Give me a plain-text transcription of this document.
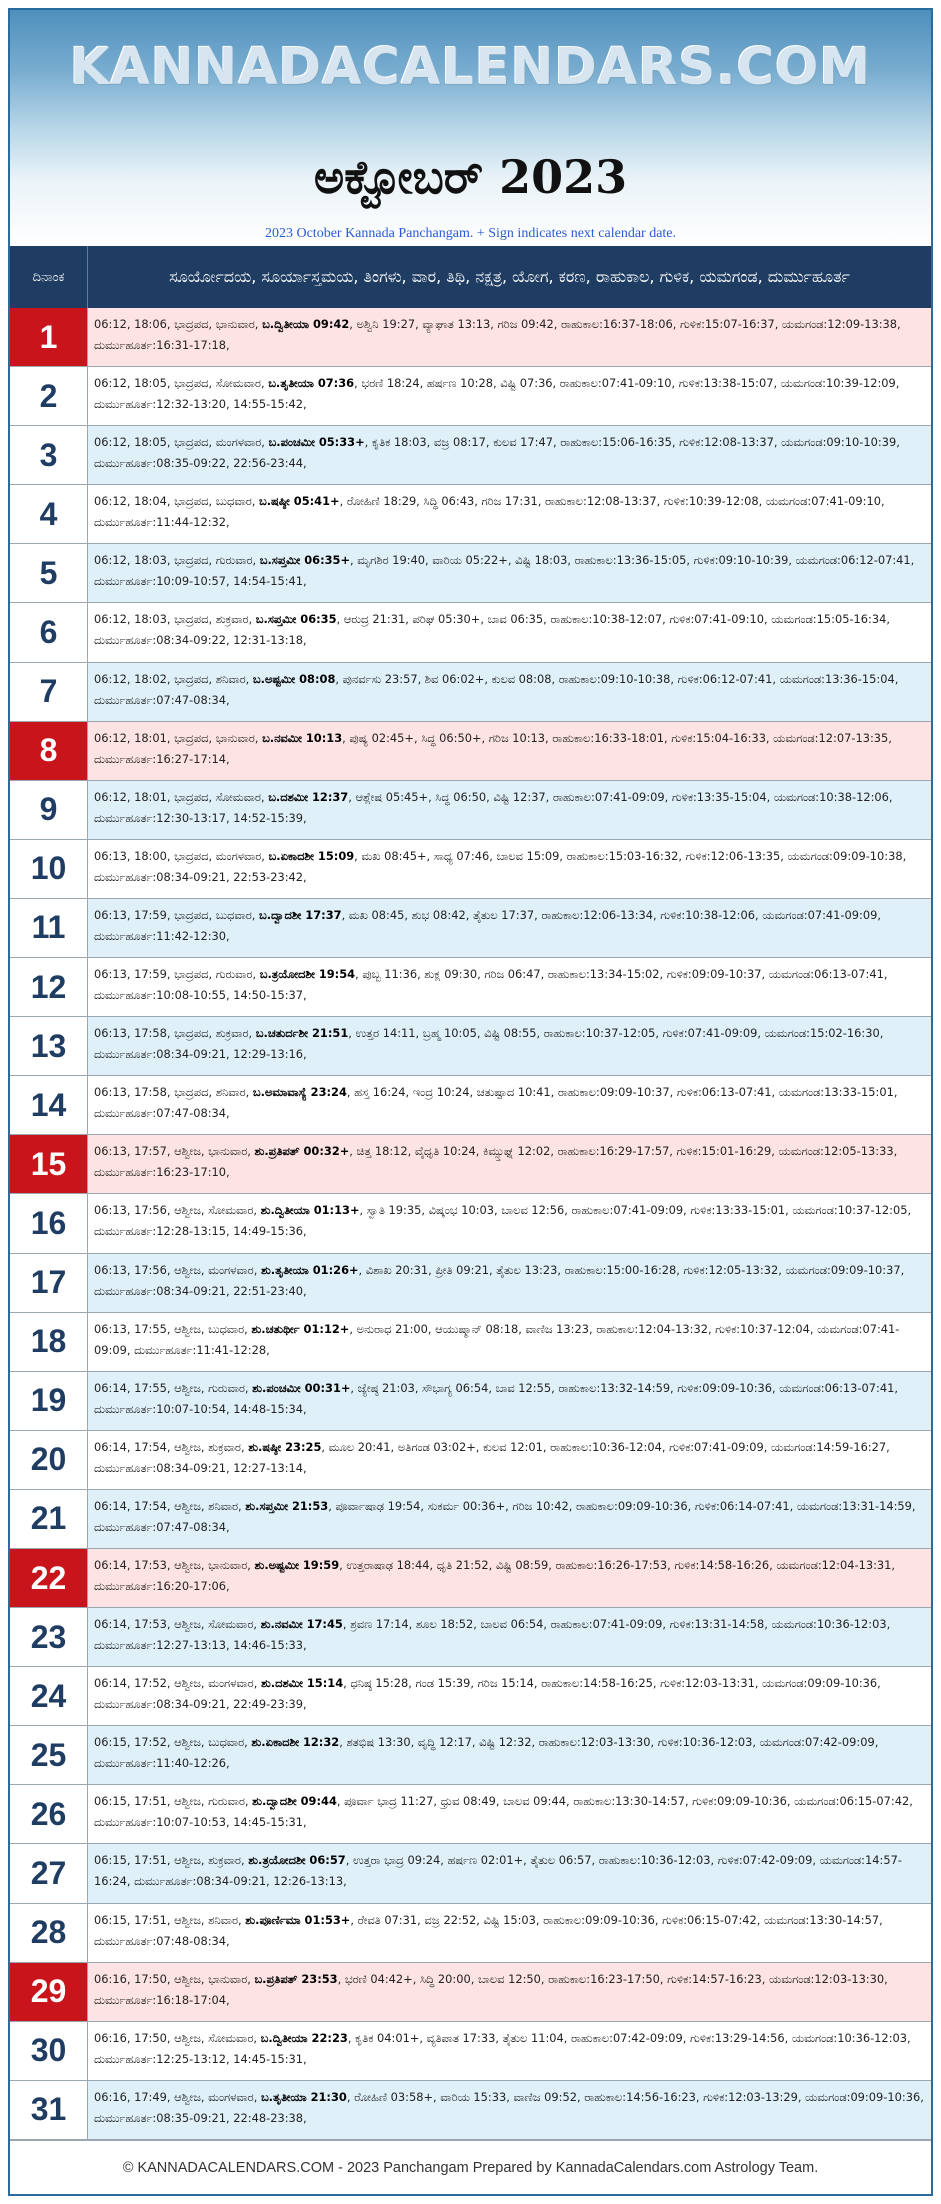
KANNADACALENDARS.COM
ಅಕ್ಟೋಬರ್ 2023
2023 October Kannada Panchangam. + Sign indicates next calendar date.
ದಿನಾಂಕ	ಸೂರ್ಯೋದಯ, ಸೂರ್ಯಾಸ್ತಮಯ, ತಿಂಗಳು, ವಾರ, ತಿಥಿ, ನಕ್ಷತ್ರ, ಯೋಗ, ಕರಣ, ರಾಹುಕಾಲ, ಗುಳಿಕ, ಯಮಗಂಡ, ದುರ್ಮುಹೂರ್ತ
1	06:12, 18:06, ಭಾದ್ರಪದ, ಭಾನುವಾರ, ಬ.ದ್ವಿತೀಯಾ 09:42, ಅಶ್ವಿನಿ 19:27, ವ್ಯಾಘಾತ 13:13, ಗರಿಜ 09:42, ರಾಹುಕಾಲ:16:37-18:06, ಗುಳಿಕ:15:07-16:37, ಯಮಗಂಡ:12:09-13:38, ದುರ್ಮುಹೂರ್ತ:16:31-17:18,
2	06:12, 18:05, ಭಾದ್ರಪದ, ಸೋಮವಾರ, ಬ.ತೃತೀಯಾ 07:36, ಭರಣಿ 18:24, ಹರ್ಷಣ 10:28, ವಿಷ್ಟಿ 07:36, ರಾಹುಕಾಲ:07:41-09:10, ಗುಳಿಕ:13:38-15:07, ಯಮಗಂಡ:10:39-12:09, ದುರ್ಮುಹೂರ್ತ:12:32-13:20, 14:55-15:42,
3	06:12, 18:05, ಭಾದ್ರಪದ, ಮಂಗಳವಾರ, ಬ.ಪಂಚಮೀ 05:33+, ಕೃತಿಕ 18:03, ವಜ್ರ 08:17, ಕುಲವ 17:47, ರಾಹುಕಾಲ:15:06-16:35, ಗುಳಿಕ:12:08-13:37, ಯಮಗಂಡ:09:10-10:39, ದುರ್ಮುಹೂರ್ತ:08:35-09:22, 22:56-23:44,
4	06:12, 18:04, ಭಾದ್ರಪದ, ಬುಧವಾರ, ಬ.ಷಷ್ಠೀ 05:41+, ರೋಹಿಣಿ 18:29, ಸಿದ್ಧಿ 06:43, ಗರಿಜ 17:31, ರಾಹುಕಾಲ:12:08-13:37, ಗುಳಿಕ:10:39-12:08, ಯಮಗಂಡ:07:41-09:10, ದುರ್ಮುಹೂರ್ತ:11:44-12:32,
5	06:12, 18:03, ಭಾದ್ರಪದ, ಗುರುವಾರ, ಬ.ಸಪ್ತಮೀ 06:35+, ಮೃಗಶಿರ 19:40, ವಾರಿಯ 05:22+, ವಿಷ್ಟಿ 18:03, ರಾಹುಕಾಲ:13:36-15:05, ಗುಳಿಕ:09:10-10:39, ಯಮಗಂಡ:06:12-07:41, ದುರ್ಮುಹೂರ್ತ:10:09-10:57, 14:54-15:41,
6	06:12, 18:03, ಭಾದ್ರಪದ, ಶುಕ್ರವಾರ, ಬ.ಸಪ್ತಮೀ 06:35, ಆರುದ್ರ 21:31, ಪರಿಘ 05:30+, ಬಾವ 06:35, ರಾಹುಕಾಲ:10:38-12:07, ಗುಳಿಕ:07:41-09:10, ಯಮಗಂಡ:15:05-16:34, ದುರ್ಮುಹೂರ್ತ:08:34-09:22, 12:31-13:18,
7	06:12, 18:02, ಭಾದ್ರಪದ, ಶನಿವಾರ, ಬ.ಅಷ್ಟಮೀ 08:08, ಪುನರ್ವಸು 23:57, ಶಿವ 06:02+, ಕುಲವ 08:08, ರಾಹುಕಾಲ:09:10-10:38, ಗುಳಿಕ:06:12-07:41, ಯಮಗಂಡ:13:36-15:04, ದುರ್ಮುಹೂರ್ತ:07:47-08:34,
8	06:12, 18:01, ಭಾದ್ರಪದ, ಭಾನುವಾರ, ಬ.ನವಮೀ 10:13, ಪುಷ್ಯ 02:45+, ಸಿದ್ಧ 06:50+, ಗರಿಜ 10:13, ರಾಹುಕಾಲ:16:33-18:01, ಗುಳಿಕ:15:04-16:33, ಯಮಗಂಡ:12:07-13:35, ದುರ್ಮುಹೂರ್ತ:16:27-17:14,
9	06:12, 18:01, ಭಾದ್ರಪದ, ಸೋಮವಾರ, ಬ.ದಶಮೀ 12:37, ಆಶ್ಲೇಷ 05:45+, ಸಿದ್ಧ 06:50, ವಿಷ್ಟಿ 12:37, ರಾಹುಕಾಲ:07:41-09:09, ಗುಳಿಕ:13:35-15:04, ಯಮಗಂಡ:10:38-12:06, ದುರ್ಮುಹೂರ್ತ:12:30-13:17, 14:52-15:39,
10	06:13, 18:00, ಭಾದ್ರಪದ, ಮಂಗಳವಾರ, ಬ.ಏಕಾದಶೀ 15:09, ಮಖ 08:45+, ಸಾಧ್ಯ 07:46, ಬಾಲವ 15:09, ರಾಹುಕಾಲ:15:03-16:32, ಗುಳಿಕ:12:06-13:35, ಯಮಗಂಡ:09:09-10:38, ದುರ್ಮುಹೂರ್ತ:08:34-09:21, 22:53-23:42,
11	06:13, 17:59, ಭಾದ್ರಪದ, ಬುಧವಾರ, ಬ.ದ್ವಾದಶೀ 17:37, ಮಖ 08:45, ಶುಭ 08:42, ತೈತುಲ 17:37, ರಾಹುಕಾಲ:12:06-13:34, ಗುಳಿಕ:10:38-12:06, ಯಮಗಂಡ:07:41-09:09, ದುರ್ಮುಹೂರ್ತ:11:42-12:30,
12	06:13, 17:59, ಭಾದ್ರಪದ, ಗುರುವಾರ, ಬ.ತ್ರಯೋದಶೀ 19:54, ಪುಬ್ಬ 11:36, ಶುಕ್ಲ 09:30, ಗರಿಜ 06:47, ರಾಹುಕಾಲ:13:34-15:02, ಗುಳಿಕ:09:09-10:37, ಯಮಗಂಡ:06:13-07:41, ದುರ್ಮುಹೂರ್ತ:10:08-10:55, 14:50-15:37,
13	06:13, 17:58, ಭಾದ್ರಪದ, ಶುಕ್ರವಾರ, ಬ.ಚತುರ್ದಶೀ 21:51, ಉತ್ತರ 14:11, ಬ್ರಹ್ಮ 10:05, ವಿಷ್ಟಿ 08:55, ರಾಹುಕಾಲ:10:37-12:05, ಗುಳಿಕ:07:41-09:09, ಯಮಗಂಡ:15:02-16:30, ದುರ್ಮುಹೂರ್ತ:08:34-09:21, 12:29-13:16,
14	06:13, 17:58, ಭಾದ್ರಪದ, ಶನಿವಾರ, ಬ.ಅಮಾವಾಸ್ಯೆ 23:24, ಹಸ್ತ 16:24, ಇಂದ್ರ 10:24, ಚತುಷ್ಪಾದ 10:41, ರಾಹುಕಾಲ:09:09-10:37, ಗುಳಿಕ:06:13-07:41, ಯಮಗಂಡ:13:33-15:01, ದುರ್ಮುಹೂರ್ತ:07:47-08:34,
15	06:13, 17:57, ಆಶ್ವೀಜ, ಭಾನುವಾರ, ಶು.ಪ್ರತಿಪತ್ 00:32+, ಚಿತ್ತ 18:12, ವೈಧೃತಿ 10:24, ಕಿಮ್ಸ್ತುಘ್ನ 12:02, ರಾಹುಕಾಲ:16:29-17:57, ಗುಳಿಕ:15:01-16:29, ಯಮಗಂಡ:12:05-13:33, ದುರ್ಮುಹೂರ್ತ:16:23-17:10,
16	06:13, 17:56, ಆಶ್ವೀಜ, ಸೋಮವಾರ, ಶು.ದ್ವಿತೀಯಾ 01:13+, ಸ್ವಾತಿ 19:35, ವಿಷ್ಕಂಭ 10:03, ಬಾಲವ 12:56, ರಾಹುಕಾಲ:07:41-09:09, ಗುಳಿಕ:13:33-15:01, ಯಮಗಂಡ:10:37-12:05, ದುರ್ಮುಹೂರ್ತ:12:28-13:15, 14:49-15:36,
17	06:13, 17:56, ಆಶ್ವೀಜ, ಮಂಗಳವಾರ, ಶು.ತೃತೀಯಾ 01:26+, ವಿಶಾಖ 20:31, ಪ್ರೀತಿ 09:21, ತೈತುಲ 13:23, ರಾಹುಕಾಲ:15:00-16:28, ಗುಳಿಕ:12:05-13:32, ಯಮಗಂಡ:09:09-10:37, ದುರ್ಮುಹೂರ್ತ:08:34-09:21, 22:51-23:40,
18	06:13, 17:55, ಆಶ್ವೀಜ, ಬುಧವಾರ, ಶು.ಚತುರ್ಥೀ 01:12+, ಅನುರಾಧ 21:00, ಆಯುಷ್ಮಾನ್ 08:18, ವಾಣಿಜ 13:23, ರಾಹುಕಾಲ:12:04-13:32, ಗುಳಿಕ:10:37-12:04, ಯಮಗಂಡ:07:41-09:09, ದುರ್ಮುಹೂರ್ತ:11:41-12:28,
19	06:14, 17:55, ಆಶ್ವೀಜ, ಗುರುವಾರ, ಶು.ಪಂಚಮೀ 00:31+, ಜ್ಯೇಷ್ಠ 21:03, ಸೌಭಾಗ್ಯ 06:54, ಬಾವ 12:55, ರಾಹುಕಾಲ:13:32-14:59, ಗುಳಿಕ:09:09-10:36, ಯಮಗಂಡ:06:13-07:41, ದುರ್ಮುಹೂರ್ತ:10:07-10:54, 14:48-15:34,
20	06:14, 17:54, ಆಶ್ವೀಜ, ಶುಕ್ರವಾರ, ಶು.ಷಷ್ಠೀ 23:25, ಮೂಲ 20:41, ಅತಿಗಂಡ 03:02+, ಕುಲವ 12:01, ರಾಹುಕಾಲ:10:36-12:04, ಗುಳಿಕ:07:41-09:09, ಯಮಗಂಡ:14:59-16:27, ದುರ್ಮುಹೂರ್ತ:08:34-09:21, 12:27-13:14,
21	06:14, 17:54, ಆಶ್ವೀಜ, ಶನಿವಾರ, ಶು.ಸಪ್ತಮೀ 21:53, ಪೂರ್ವಾಷಾಢ 19:54, ಸುಕರ್ಮ 00:36+, ಗರಿಜ 10:42, ರಾಹುಕಾಲ:09:09-10:36, ಗುಳಿಕ:06:14-07:41, ಯಮಗಂಡ:13:31-14:59, ದುರ್ಮುಹೂರ್ತ:07:47-08:34,
22	06:14, 17:53, ಆಶ್ವೀಜ, ಭಾನುವಾರ, ಶು.ಅಷ್ಟಮೀ 19:59, ಉತ್ತರಾಷಾಢ 18:44, ಧೃತಿ 21:52, ವಿಷ್ಟಿ 08:59, ರಾಹುಕಾಲ:16:26-17:53, ಗುಳಿಕ:14:58-16:26, ಯಮಗಂಡ:12:04-13:31, ದುರ್ಮುಹೂರ್ತ:16:20-17:06,
23	06:14, 17:53, ಆಶ್ವೀಜ, ಸೋಮವಾರ, ಶು.ನವಮೀ 17:45, ಶ್ರವಣ 17:14, ಶೂಲ 18:52, ಬಾಲವ 06:54, ರಾಹುಕಾಲ:07:41-09:09, ಗುಳಿಕ:13:31-14:58, ಯಮಗಂಡ:10:36-12:03, ದುರ್ಮುಹೂರ್ತ:12:27-13:13, 14:46-15:33,
24	06:14, 17:52, ಆಶ್ವೀಜ, ಮಂಗಳವಾರ, ಶು.ದಶಮೀ 15:14, ಧನಿಷ್ಠ 15:28, ಗಂಡ 15:39, ಗರಿಜ 15:14, ರಾಹುಕಾಲ:14:58-16:25, ಗುಳಿಕ:12:03-13:31, ಯಮಗಂಡ:09:09-10:36, ದುರ್ಮುಹೂರ್ತ:08:34-09:21, 22:49-23:39,
25	06:15, 17:52, ಆಶ್ವೀಜ, ಬುಧವಾರ, ಶು.ಏಕಾದಶೀ 12:32, ಶತಭಿಷ 13:30, ವೃದ್ಧಿ 12:17, ವಿಷ್ಟಿ 12:32, ರಾಹುಕಾಲ:12:03-13:30, ಗುಳಿಕ:10:36-12:03, ಯಮಗಂಡ:07:42-09:09, ದುರ್ಮುಹೂರ್ತ:11:40-12:26,
26	06:15, 17:51, ಆಶ್ವೀಜ, ಗುರುವಾರ, ಶು.ದ್ವಾದಶೀ 09:44, ಪೂರ್ವಾ ಭಾದ್ರ 11:27, ಧ್ರುವ 08:49, ಬಾಲವ 09:44, ರಾಹುಕಾಲ:13:30-14:57, ಗುಳಿಕ:09:09-10:36, ಯಮಗಂಡ:06:15-07:42, ದುರ್ಮುಹೂರ್ತ:10:07-10:53, 14:45-15:31,
27	06:15, 17:51, ಆಶ್ವೀಜ, ಶುಕ್ರವಾರ, ಶು.ತ್ರಯೋದಶೀ 06:57, ಉತ್ತರಾ ಭಾದ್ರ 09:24, ಹರ್ಷಣ 02:01+, ತೈತುಲ 06:57, ರಾಹುಕಾಲ:10:36-12:03, ಗುಳಿಕ:07:42-09:09, ಯಮಗಂಡ:14:57-16:24, ದುರ್ಮುಹೂರ್ತ:08:34-09:21, 12:26-13:13,
28	06:15, 17:51, ಆಶ್ವೀಜ, ಶನಿವಾರ, ಶು.ಪೂರ್ಣಿಮಾ 01:53+, ರೇವತಿ 07:31, ವಜ್ರ 22:52, ವಿಷ್ಟಿ 15:03, ರಾಹುಕಾಲ:09:09-10:36, ಗುಳಿಕ:06:15-07:42, ಯಮಗಂಡ:13:30-14:57, ದುರ್ಮುಹೂರ್ತ:07:48-08:34,
29	06:16, 17:50, ಆಶ್ವೀಜ, ಭಾನುವಾರ, ಬ.ಪ್ರತಿಪತ್ 23:53, ಭರಣಿ 04:42+, ಸಿದ್ಧಿ 20:00, ಬಾಲವ 12:50, ರಾಹುಕಾಲ:16:23-17:50, ಗುಳಿಕ:14:57-16:23, ಯಮಗಂಡ:12:03-13:30, ದುರ್ಮುಹೂರ್ತ:16:18-17:04,
30	06:16, 17:50, ಆಶ್ವೀಜ, ಸೋಮವಾರ, ಬ.ದ್ವಿತೀಯಾ 22:23, ಕೃತಿಕ 04:01+, ವ್ಯತಿಪಾತ 17:33, ತೈತುಲ 11:04, ರಾಹುಕಾಲ:07:42-09:09, ಗುಳಿಕ:13:29-14:56, ಯಮಗಂಡ:10:36-12:03, ದುರ್ಮುಹೂರ್ತ:12:25-13:12, 14:45-15:31,
31	06:16, 17:49, ಆಶ್ವೀಜ, ಮಂಗಳವಾರ, ಬ.ತೃತೀಯಾ 21:30, ರೋಹಿಣಿ 03:58+, ವಾರಿಯ 15:33, ವಾಣಿಜ 09:52, ರಾಹುಕಾಲ:14:56-16:23, ಗುಳಿಕ:12:03-13:29, ಯಮಗಂಡ:09:09-10:36, ದುರ್ಮುಹೂರ್ತ:08:35-09:21, 22:48-23:38,
© KANNADACALENDARS.COM - 2023 Panchangam Prepared by KannadaCalendars.com Astrology Team.
